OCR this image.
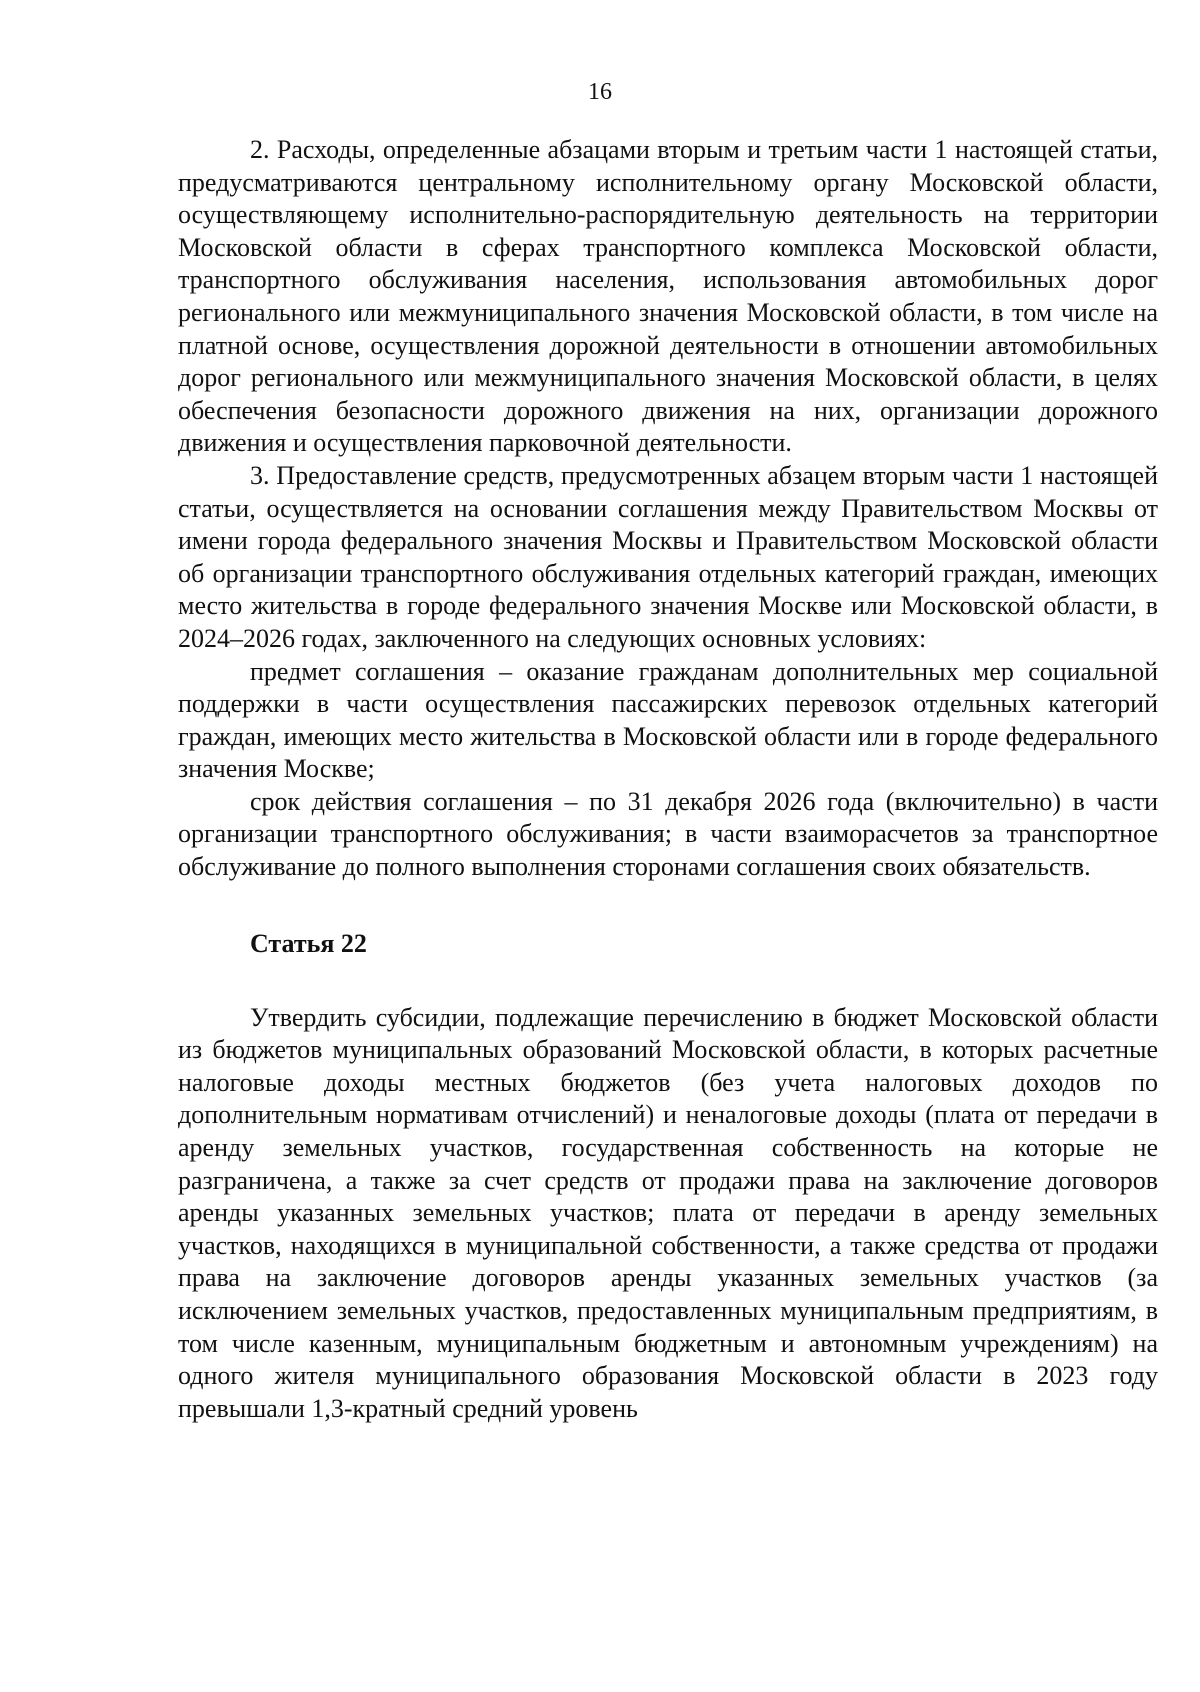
16

2. Расходы, определенные абзацами вторым и третьим части 1 настоящей статьи, предусматриваются центральному исполнительному органу Московской области, осуществляющему исполнительно-распорядительную деятельность на территории Московской области в сферах транспортного комплекса Московской области, транспортного обслуживания населения, использования автомобильных дорог регионального или межмуниципального значения Московской области, в том числе на платной основе, осуществления дорожной деятельности в отношении автомобильных дорог регионального или межмуниципального значения Московской области, в целях обеспечения безопасности дорожного движения на них, организации дорожного движения и осуществления парковочной деятельности.

3. Предоставление средств, предусмотренных абзацем вторым части 1 настоящей статьи, осуществляется на основании соглашения между Правительством Москвы от имени города федерального значения Москвы и Правительством Московской области об организации транспортного обслуживания отдельных категорий граждан, имеющих место жительства в городе федерального значения Москве или Московской области, в 2024–2026 годах, заключенного на следующих основных условиях:

предмет соглашения – оказание гражданам дополнительных мер социальной поддержки в части осуществления пассажирских перевозок отдельных категорий граждан, имеющих место жительства в Московской области или в городе федерального значения Москве;

срок действия соглашения – по 31 декабря 2026 года (включительно) в части организации транспортного обслуживания; в части взаиморасчетов за транспортное обслуживание до полного выполнения сторонами соглашения своих обязательств.

Статья 22

Утвердить субсидии, подлежащие перечислению в бюджет Московской области из бюджетов муниципальных образований Московской области, в которых расчетные налоговые доходы местных бюджетов (без учета налоговых доходов по дополнительным нормативам отчислений) и неналоговые доходы (плата от передачи в аренду земельных участков, государственная собственность на которые не разграничена, а также за счет средств от продажи права на заключение договоров аренды указанных земельных участков; плата от передачи в аренду земельных участков, находящихся в муниципальной собственности, а также средства от продажи права на заключение договоров аренды указанных земельных участков (за исключением земельных участков, предоставленных муниципальным предприятиям, в том числе казенным, муниципальным бюджетным и автономным учреждениям) на одного жителя муниципального образования Московской области в 2023 году превышали 1,3-кратный средний уровень
